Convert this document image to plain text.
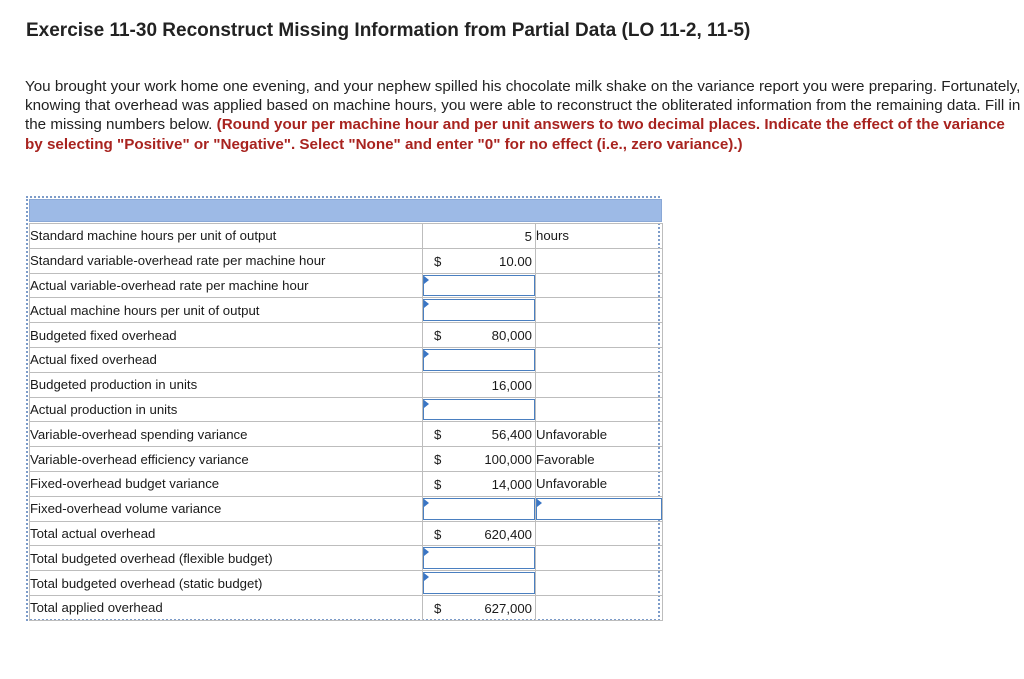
Exercise 11-30 Reconstruct Missing Information from Partial Data (LO 11-2, 11-5)

You brought your work home one evening, and your nephew spilled his chocolate milk shake on the variance report you were preparing. Fortunately, knowing that overhead was applied based on machine hours, you were able to reconstruct the obliterated information from the remaining data. Fill in the missing numbers below. (Round your per machine hour and per unit answers to two decimal places. Indicate the effect of the variance by selecting "Positive" or "Negative". Select "None" and enter "0" for no effect (i.e., zero variance).)

Standard machine hours per unit of output	5	hours
Standard variable-overhead rate per machine hour	$ 10.00	

Actual variable-overhead rate per machine hour	

Actual machine hours per unit of output	

Budgeted fixed overhead	$ 80,000	

Actual fixed overhead	

Budgeted production in units	16,000	

Actual production in units	

Variable-overhead spending variance	$ 56,400	Unfavorable
Variable-overhead efficiency variance	$ 100,000	Favorable
Fixed-overhead budget variance	$ 14,000	Unfavorable
Fixed-overhead volume variance	

Total actual overhead	$ 620,400	

Total budgeted overhead (flexible budget)	

Total budgeted overhead (static budget)	

Total applied overhead	$ 627,000	
